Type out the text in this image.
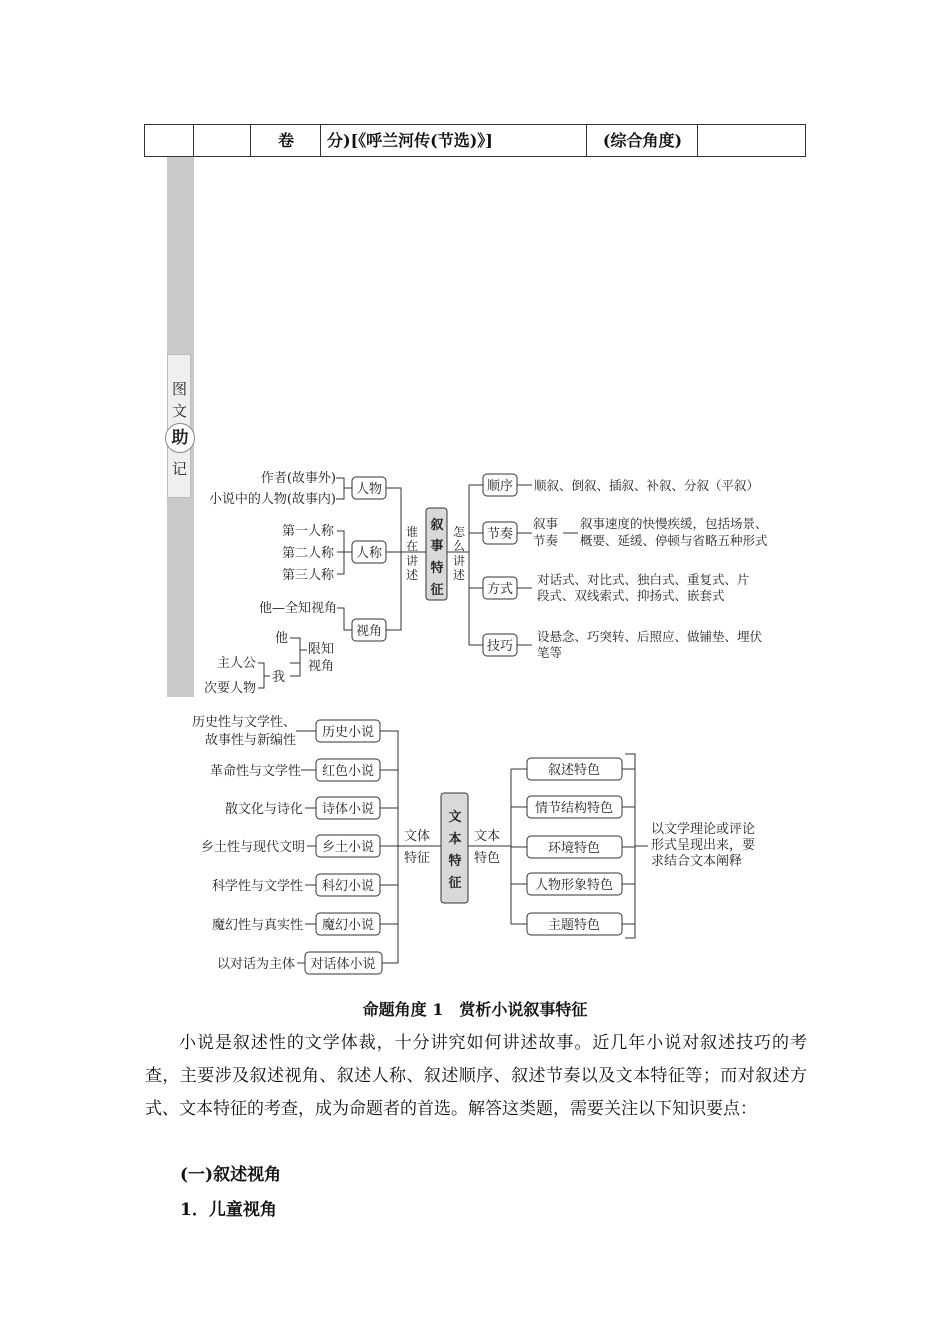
卷	分)[《呼兰河传(节选)》]	(综合角度)
图
文
助
记
作者(故事外)
小说中的人物(故事内)
人物
第一人称
第二人称
第三人称
人称
他—全知视角
视角
他
限知
视角
我
主人公
次要人物
谁
在
讲
述
怎
么
讲
述
叙
事
特
征
顺序 顺叙、倒叙、插叙、补叙、分叙（平叙）
节奏
叙事
节奏
叙事速度的快慢疾缓，包括场景、
概要、延缓、停顿与省略五种形式
方式
对话式、对比式、独白式、重复式、片
段式、双线索式、抑扬式、嵌套式
技巧
设悬念、巧突转、后照应、做铺垫、埋伏
笔等
历史性与文学性、
故事性与新编性
革命性与文学性
散文化与诗化
乡土性与现代文明
科学性与文学性
魔幻性与真实性
以对话为主体
历史小说
红色小说
诗体小说
乡土小说
科幻小说
魔幻小说
对话体小说
文体
特征
文本
特色
文
本
特
征
叙述特色
情节结构特色
环境特色
人物形象特色
主题特色
以文学理论或评论
形式呈现出来，要
求结合文本阐释
命题角度 1　赏析小说叙事特征
小说是叙述性的文学体裁，十分讲究如何讲述故事。近几年小说对叙述技巧的考查，主要涉及叙述视角、叙述人称、叙述顺序、叙述节奏以及文本特征等；而对叙述方式、文本特征的考查，成为命题者的首选。解答这类题，需要关注以下知识要点：
(一)叙述视角
1．儿童视角
